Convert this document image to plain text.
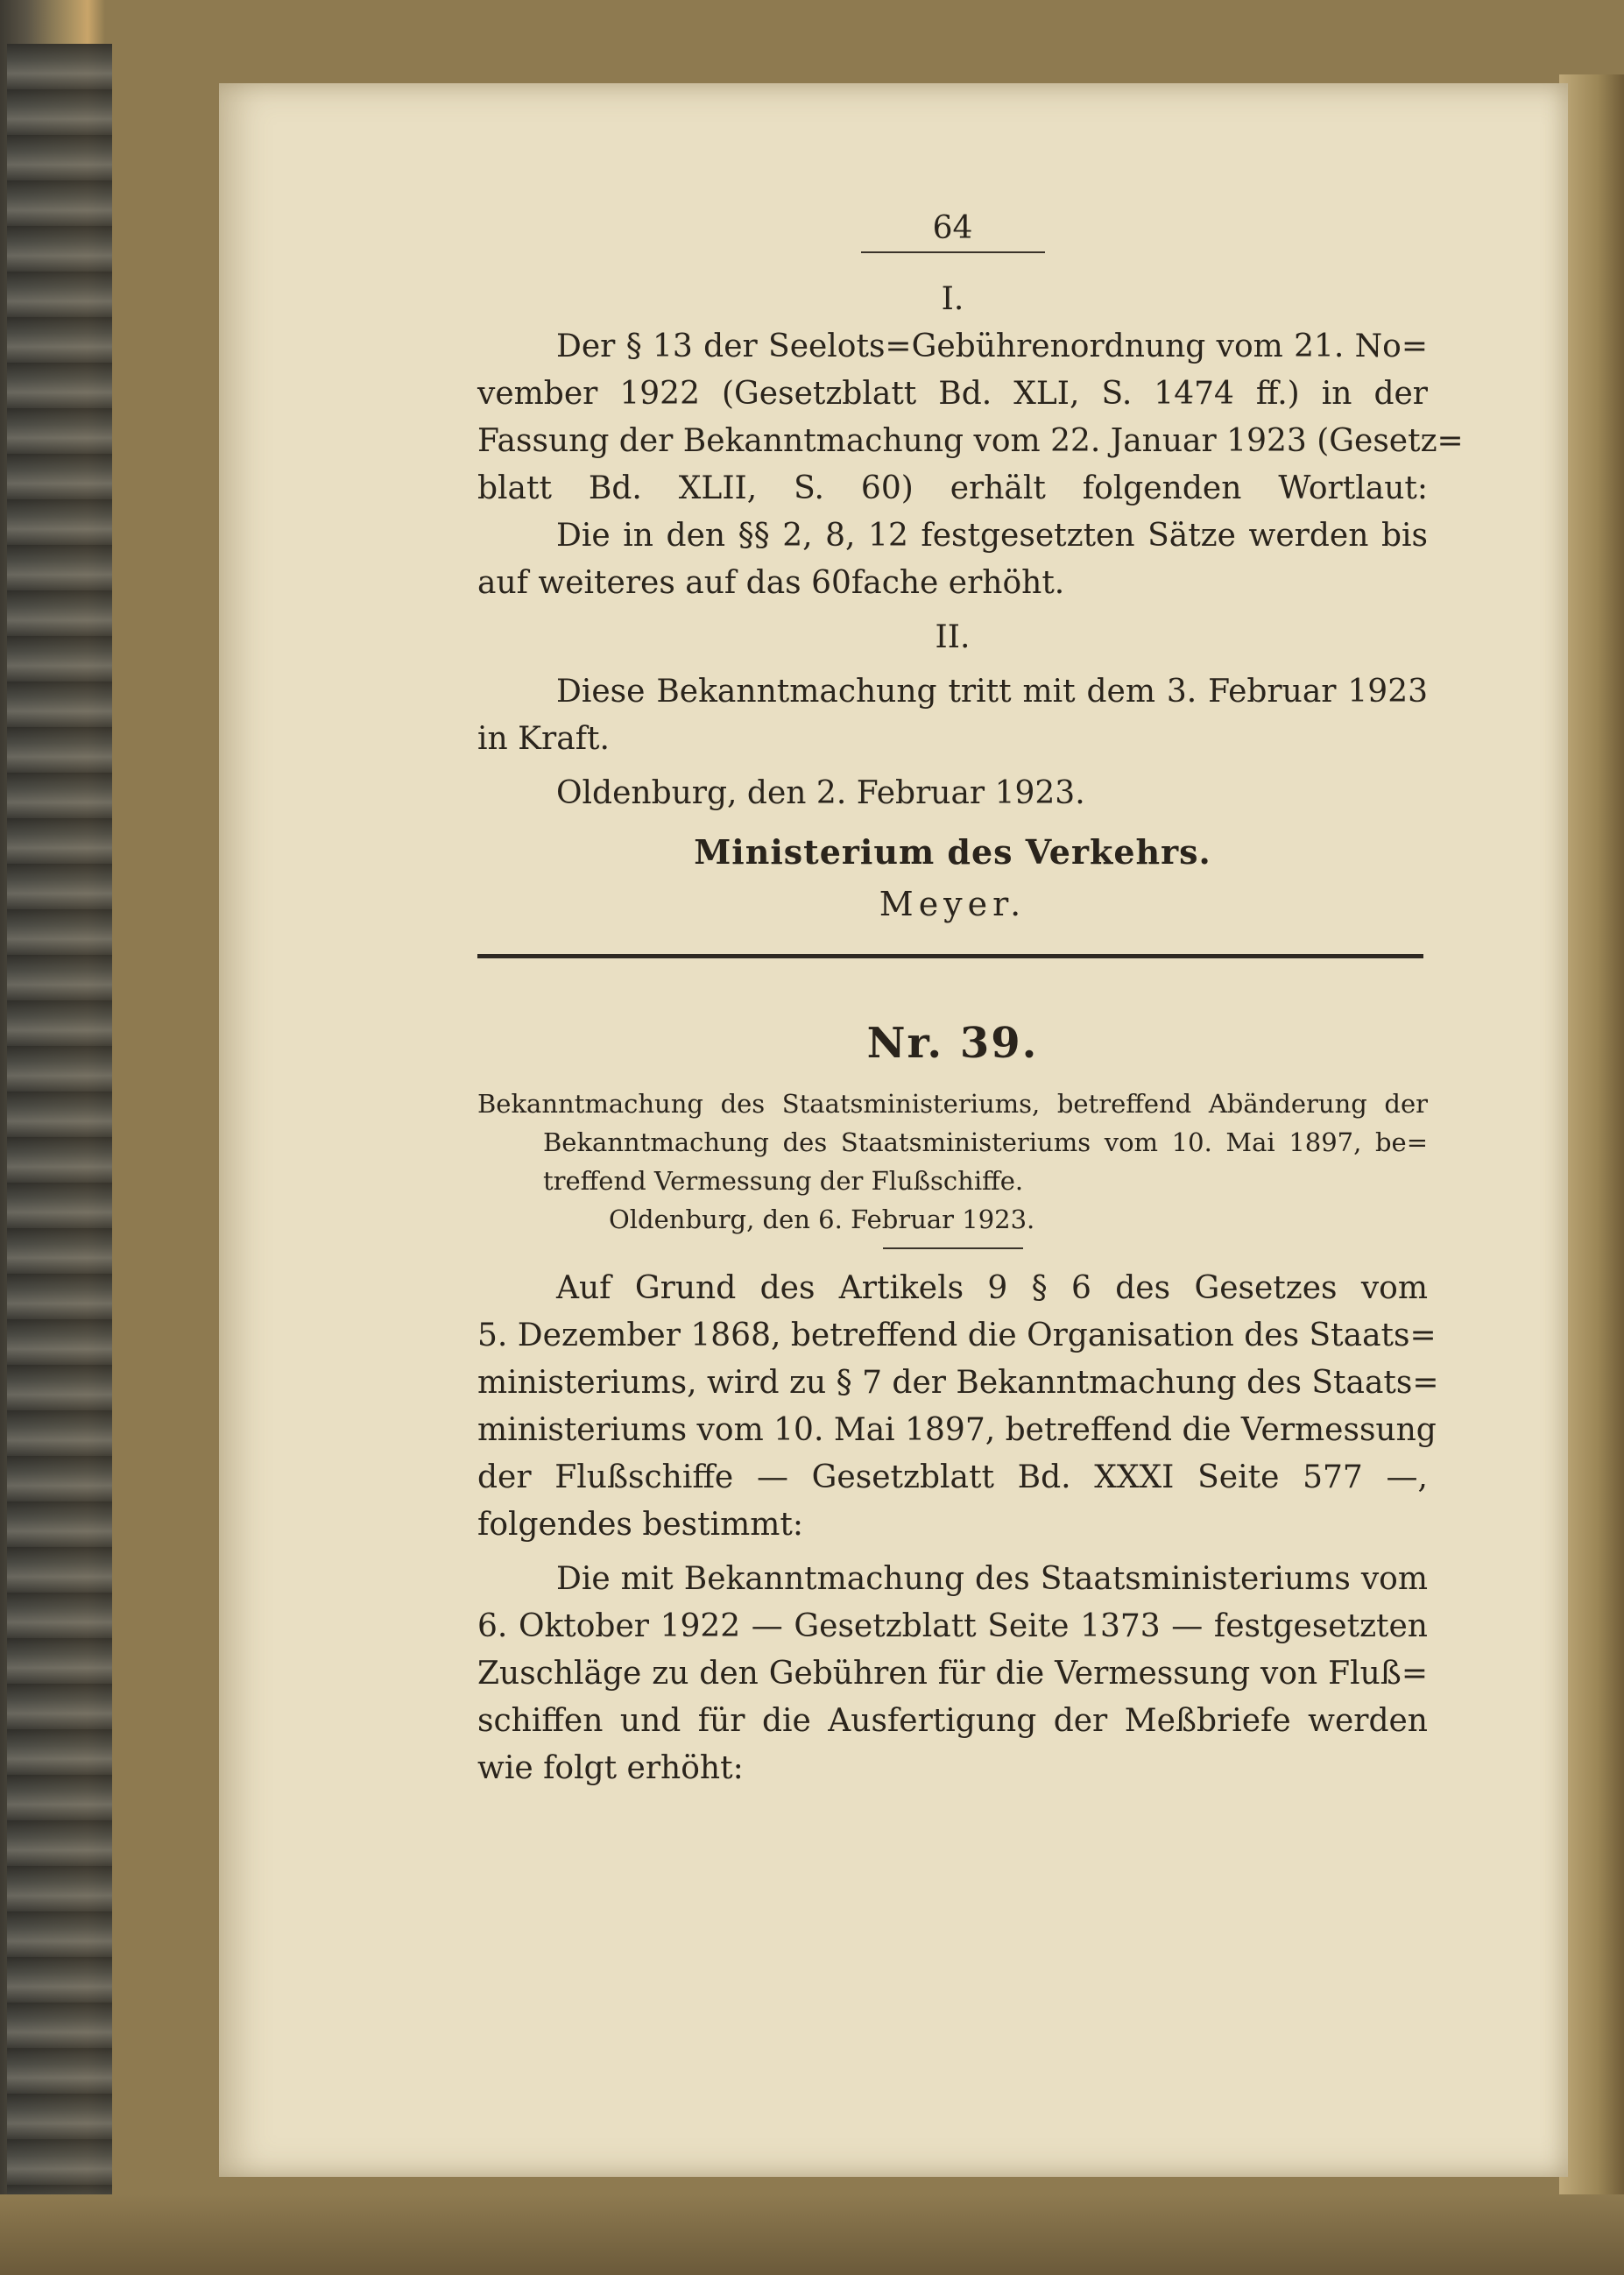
64
I.
Der § 13 der Seelots=Gebührenordnung vom 21. No=
vember 1922 (Gesetzblatt Bd. XLI, S. 1474 ff.) in der
Fassung der Bekanntmachung vom 22. Januar 1923 (Gesetz=
blatt Bd. XLII, S. 60) erhält folgenden Wortlaut:
Die in den §§ 2, 8, 12 festgesetzten Sätze werden bis
auf weiteres auf das 60fache erhöht.
II.
Diese Bekanntmachung tritt mit dem 3. Februar 1923
in Kraft.
Oldenburg, den 2. Februar 1923.
Ministerium des Verkehrs.
Meyer.
Nr. 39.
Bekanntmachung des Staatsministeriums, betreffend Abänderung der
Bekanntmachung des Staatsministeriums vom 10. Mai 1897, be=
treffend Vermessung der Flußschiffe.
Oldenburg, den 6. Februar 1923.
Auf Grund des Artikels 9 § 6 des Gesetzes vom
5. Dezember 1868, betreffend die Organisation des Staats=
ministeriums, wird zu § 7 der Bekanntmachung des Staats=
ministeriums vom 10. Mai 1897, betreffend die Vermessung
der Flußschiffe — Gesetzblatt Bd. XXXI Seite 577 —,
folgendes bestimmt:
Die mit Bekanntmachung des Staatsministeriums vom
6. Oktober 1922 — Gesetzblatt Seite 1373 — festgesetzten
Zuschläge zu den Gebühren für die Vermessung von Fluß=
schiffen und für die Ausfertigung der Meßbriefe werden
wie folgt erhöht:
